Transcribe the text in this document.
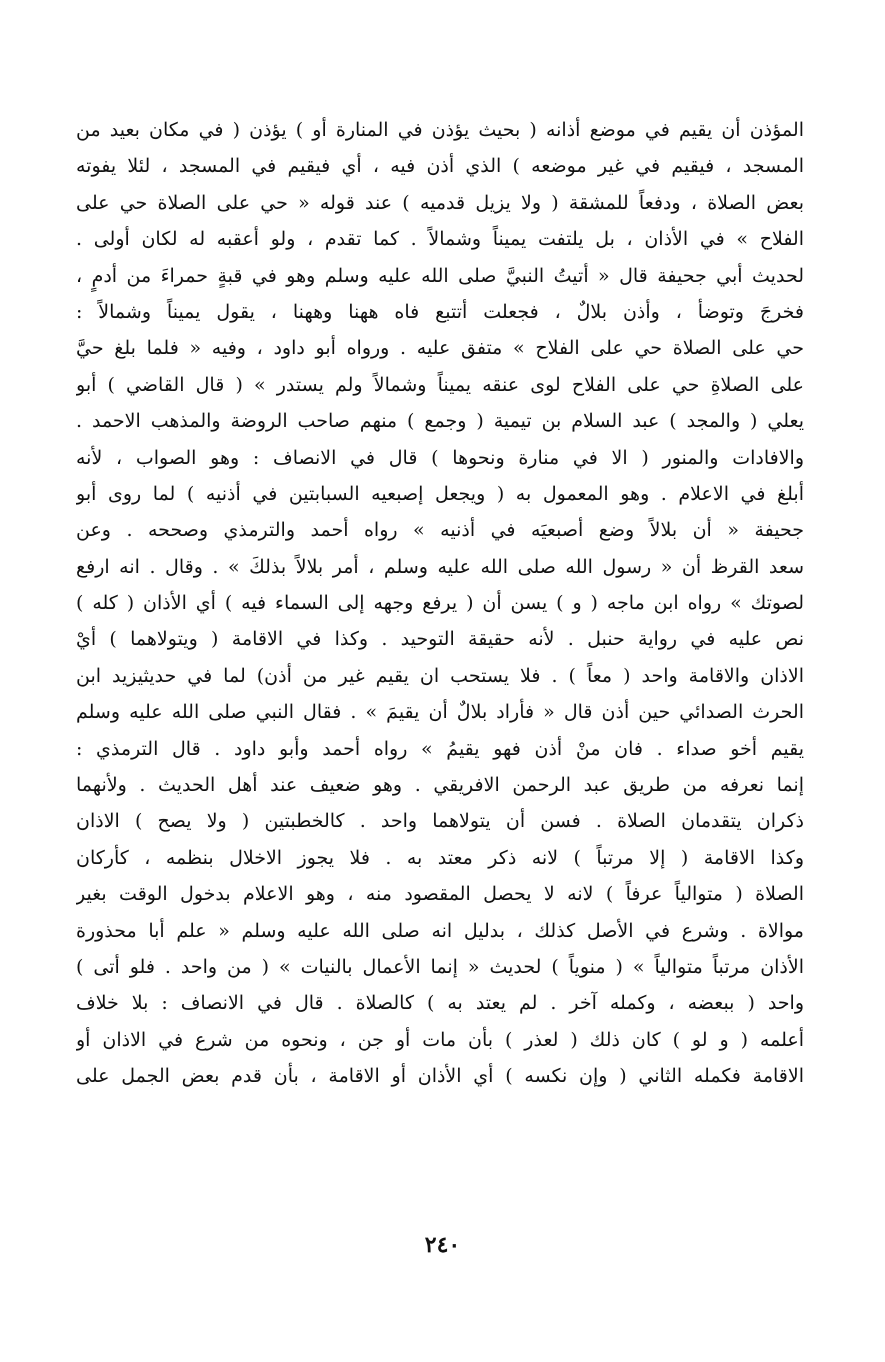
المؤذن أن يقيم في موضع أذانه ( بحيث يؤذن في المنارة أو ) يؤذن ( في مكان بعيد من
المسجد ، فيقيم في غير موضعه ) الذي أذن فيه ، أي فيقيم في المسجد ، لئلا يفوته
بعض الصلاة ، ودفعاً للمشقة ( ولا يزيل قدميه ) عند قوله « حي على الصلاة حي على
الفلاح » في الأذان ، بل يلتفت يميناً وشمالاً . كما تقدم ، ولو أعقبه له لكان أولى .
لحديث أبي جحيفة قال « أتيتُ النبيَّ صلى الله عليه وسلم وهو في قبةٍ حمراءَ من أدمٍ ،
فخرجَ وتوضأ ، وأذن بلالٌ ، فجعلت أتتبع فاه ههنا وههنا ، يقول يميناً وشمالاً :
حي على الصلاة حي على الفلاح » متفق عليه . ورواه أبو داود ، وفيه « فلما بلغ حيَّ
على الصلاةِ حي على الفلاح لوى عنقه يميناً وشمالاً ولم يستدر » ( قال القاضي ) أبو
يعلي ( والمجد ) عبد السلام بن تيمية ( وجمع ) منهم صاحب الروضة والمذهب الاحمد .
والافادات والمنور ( الا في منارة ونحوها ) قال في الانصاف : وهو الصواب ، لأنه
أبلغ في الاعلام . وهو المعمول به ( ويجعل إصبعيه السبابتين في أذنيه ) لما روى أبو
جحيفة « أن بلالاً وضع أصبعيَه في أذنيه » رواه أحمد والترمذي وصححه . وعن
سعد القرظ أن « رسول الله صلى الله عليه وسلم ، أمر بلالاً بذلكَ » . وقال . انه ارفع
لصوتك » رواه ابن ماجه ( و ) يسن أن ( يرفع وجهه إلى السماء فيه ) أي الأذان ( كله )
نص عليه في رواية حنبل . لأنه حقيقة التوحيد . وكذا في الاقامة ( ويتولاهما ) أيْ
الاذان والاقامة واحد ( معاً ) . فلا يستحب ان يقيم غير من أذن) لما في حديثيزيد ابن
الحرث الصدائي حين أذن قال « فأراد بلالٌ أن يقيمَ » . فقال النبي صلى الله عليه وسلم
يقيم أخو صداء . فان منْ أذن فهو يقيمُ » رواه أحمد وأبو داود . قال الترمذي :
إنما نعرفه من طريق عبد الرحمن الافريقي . وهو ضعيف عند أهل الحديث . ولأنهما
ذكران يتقدمان الصلاة . فسن أن يتولاهما واحد . كالخطبتين ( ولا يصح ) الاذان
وكذا الاقامة ( إلا مرتباً ) لانه ذكر معتد به . فلا يجوز الاخلال بنظمه ، كأركان
الصلاة ( متوالياً عرفاً ) لانه لا يحصل المقصود منه ، وهو الاعلام بدخول الوقت بغير
موالاة . وشرع في الأصل كذلك ، بدليل انه صلى الله عليه وسلم « علم أبا محذورة
الأذان مرتباً متوالياً » ( منوياً ) لحديث « إنما الأعمال بالنيات » ( من واحد . فلو أتى )
واحد ( ببعضه ، وكمله آخر . لم يعتد به ) كالصلاة . قال في الانصاف : بلا خلاف
أعلمه ( و لو ) كان ذلك ( لعذر ) بأن مات أو جن ، ونحوه من شرع في الاذان أو
الاقامة فكمله الثاني ( وإن نكسه ) أي الأذان أو الاقامة ، بأن قدم بعض الجمل على
٢٤٠
